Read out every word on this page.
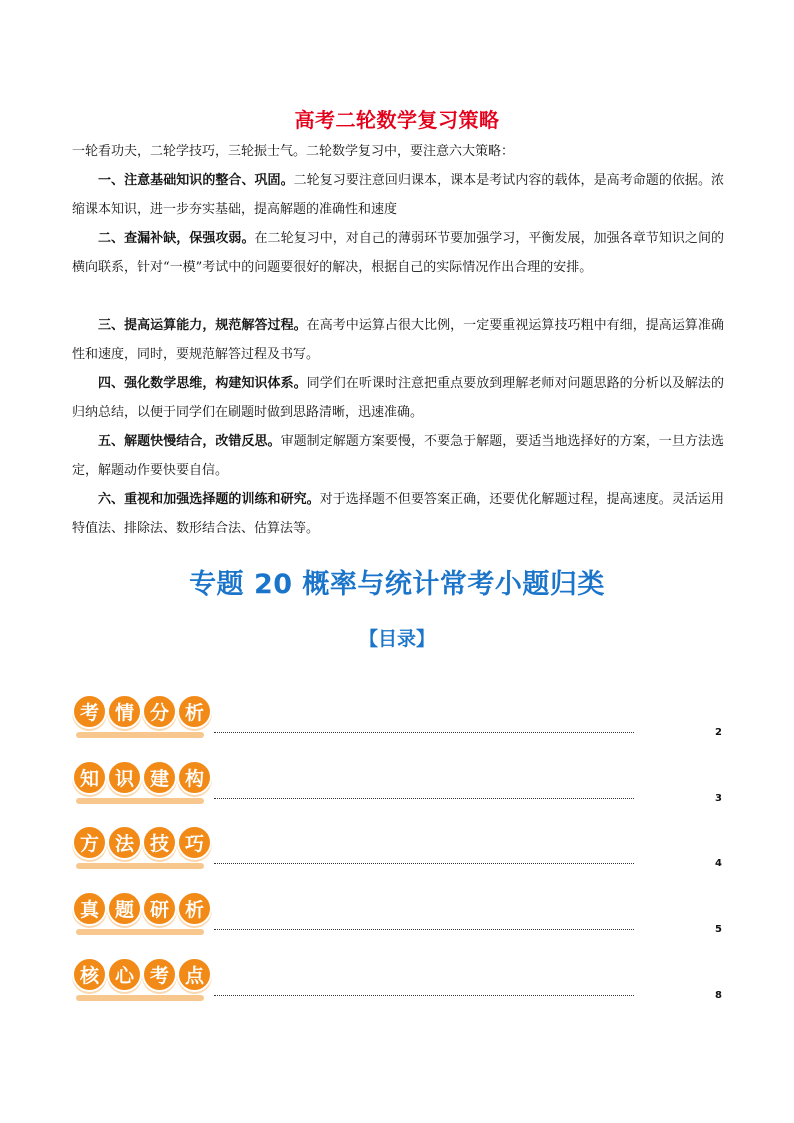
高考二轮数学复习策略

一轮看功夫，二轮学技巧，三轮振士气。二轮数学复习中，要注意六大策略：

一、注意基础知识的整合、巩固。二轮复习要注意回归课本，课本是考试内容的载体，是高考命题的依据。浓缩课本知识，进一步夯实基础，提高解题的准确性和速度

二、查漏补缺，保强攻弱。在二轮复习中，对自己的薄弱环节要加强学习，平衡发展，加强各章节知识之间的横向联系，针对“一模”考试中的问题要很好的解决，根据自己的实际情况作出合理的安排。

三、提高运算能力，规范解答过程。在高考中运算占很大比例，一定要重视运算技巧粗中有细，提高运算准确性和速度，同时，要规范解答过程及书写。

四、强化数学思维，构建知识体系。同学们在听课时注意把重点要放到理解老师对问题思路的分析以及解法的归纳总结，以便于同学们在刷题时做到思路清晰，迅速准确。

五、解题快慢结合，改错反思。审题制定解题方案要慢，不要急于解题，要适当地选择好的方案，一旦方法选定，解题动作要快要自信。

六、重视和加强选择题的训练和研究。对于选择题不但要答案正确，还要优化解题过程，提高速度。灵活运用特值法、排除法、数形结合法、估算法等。

专题 20 概率与统计常考小题归类
【目录】
考 情 分 析
2
知 识 建 构
3
方 法 技 巧
4
真 题 研 析
5
核 心 考 点
8
